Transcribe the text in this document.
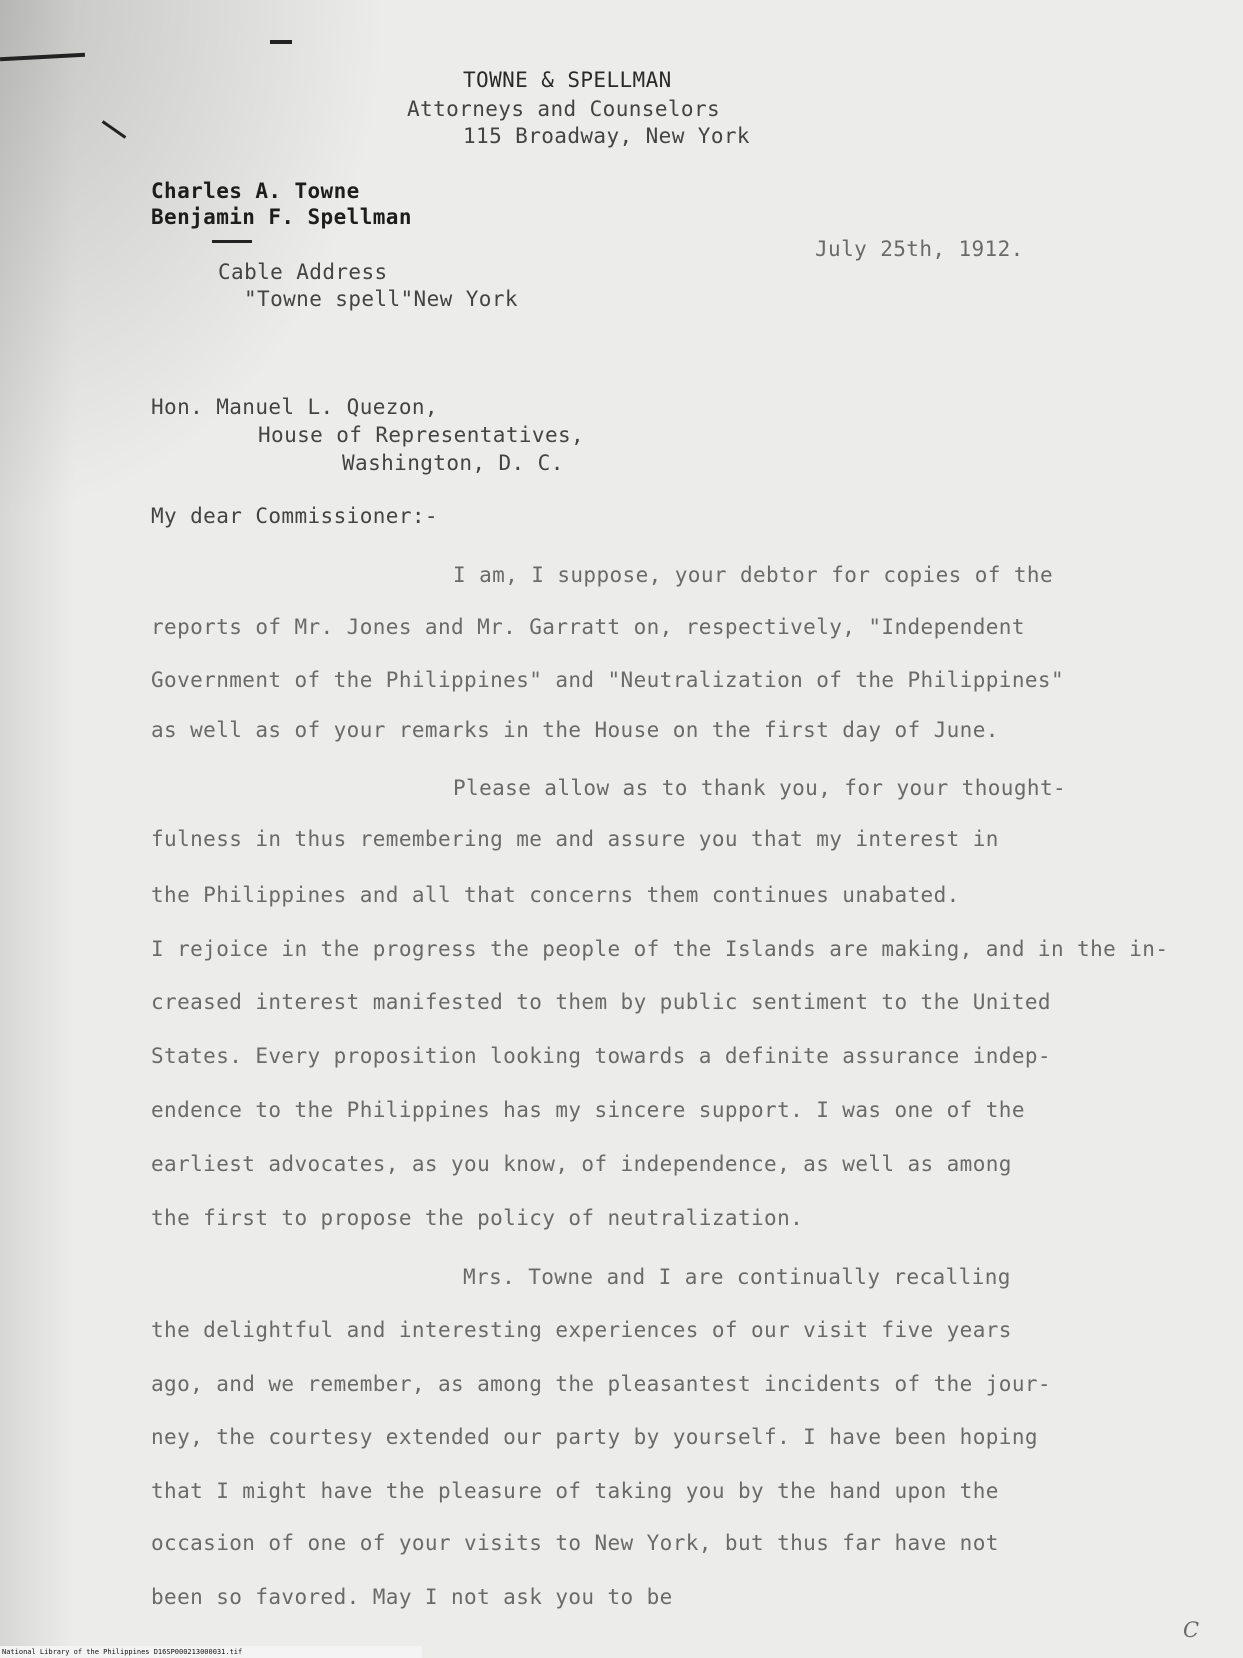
TOWNE & SPELLMAN
Attorneys and Counselors
115 Broadway, New York
Charles A. Towne
Benjamin F. Spellman
Cable Address
"Towne spell"New York
July 25th, 1912.
Hon. Manuel L. Quezon,
House of Representatives,
Washington, D. C.
My dear Commissioner:-
I am, I suppose, your debtor for copies of the
reports of Mr. Jones and Mr. Garratt on, respectively, "Independent
Government of the Philippines" and "Neutralization of the Philippines"
as well as of your remarks in the House on the first day of June.
Please allow as to thank you, for your thought-
fulness in thus remembering me and assure you that my interest in
the Philippines and all that concerns them continues unabated.
I rejoice in the progress the people of the Islands are making, and in the in-
creased interest manifested to them by public sentiment to the United
States. Every proposition looking towards a definite assurance indep-
endence to the Philippines has my sincere support. I was one of the
earliest advocates, as you know, of independence, as well as among
the first to propose the policy of neutralization.
Mrs. Towne and I are continually recalling
the delightful and interesting experiences of our visit five years
ago, and we remember, as among the pleasantest incidents of the jour-
ney, the courtesy extended our party by yourself. I have been hoping
that I might have the pleasure of taking you by the hand upon the
occasion of one of your visits to New York, but thus far have not
been so favored. May I not ask you to be
C
National Library of the Philippines D16SP000213000031.tif
